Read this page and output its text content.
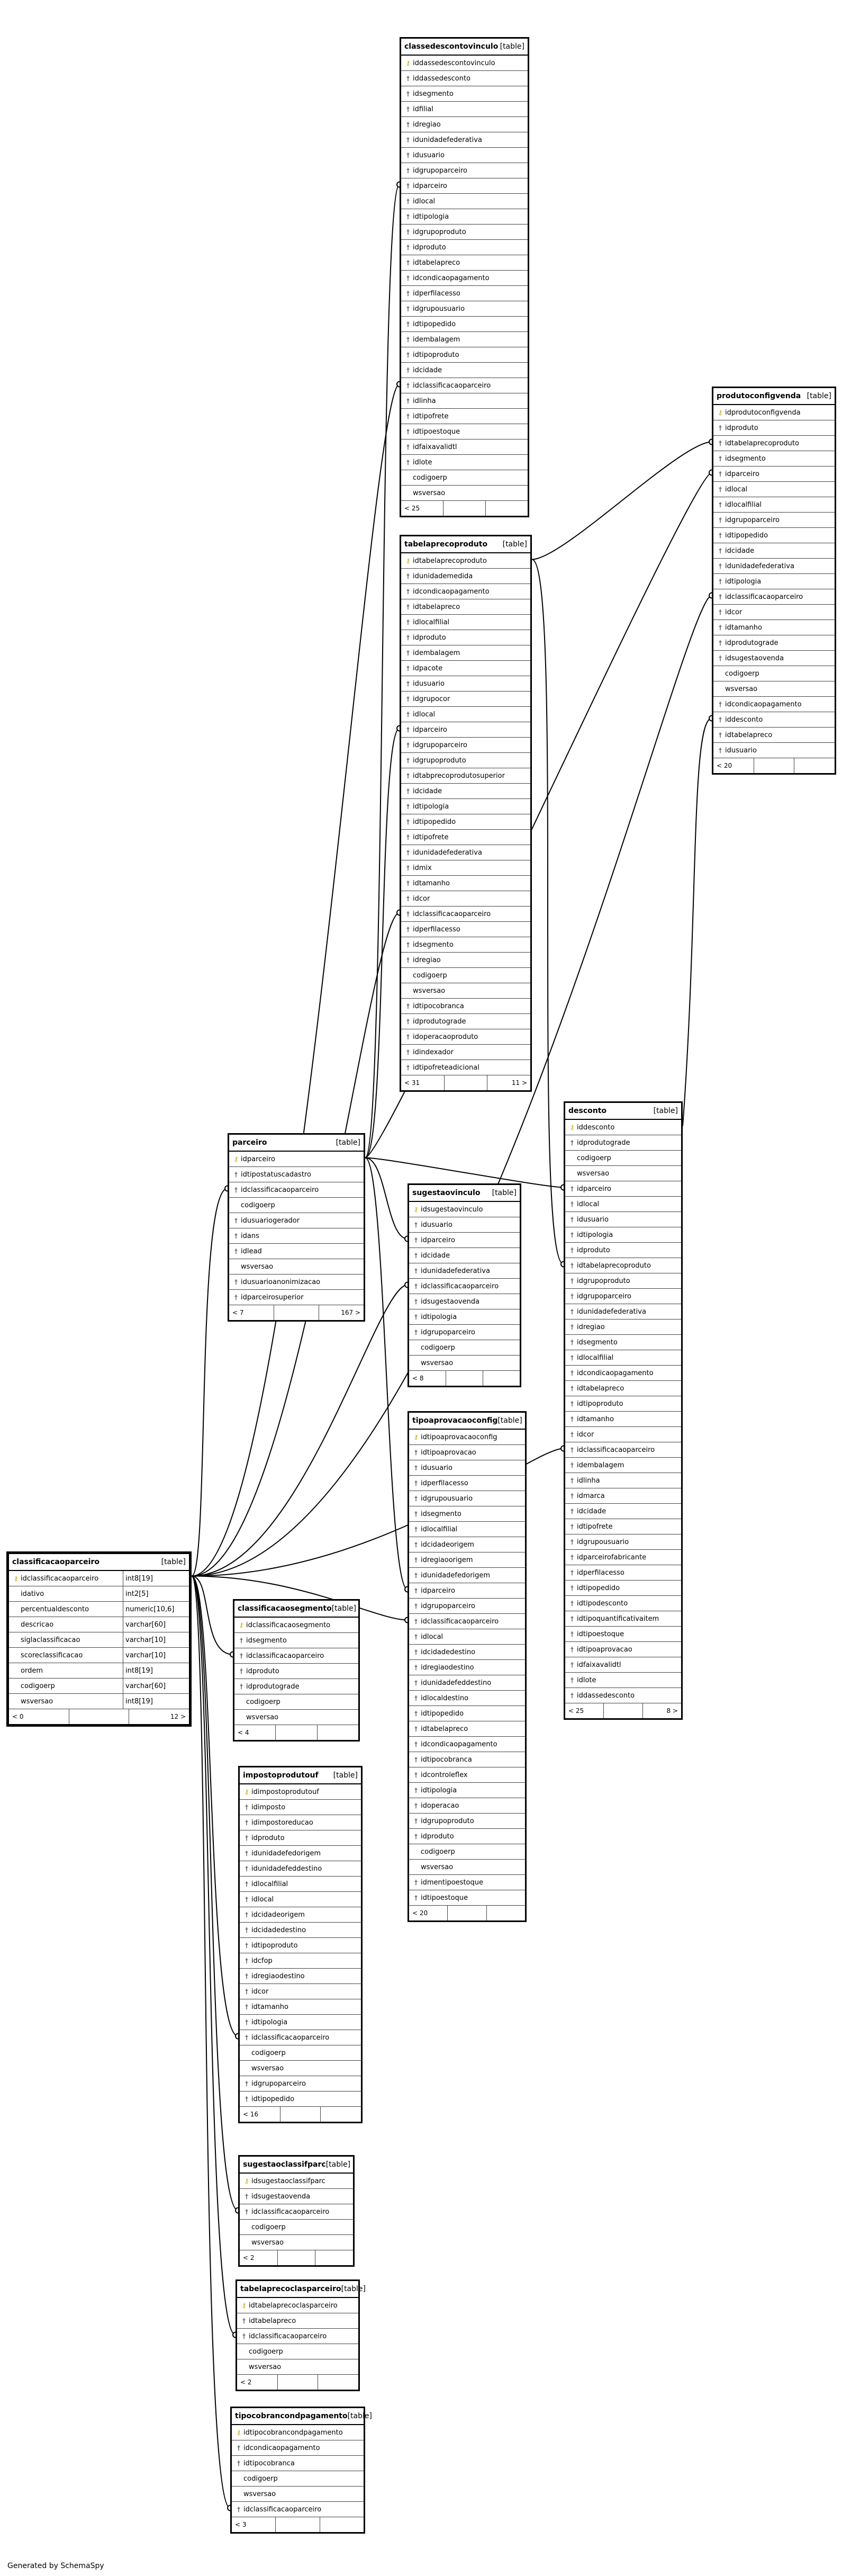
classedescontovinculo [table]
⚷ iddassedescontovinculo
† iddassedesconto
† idsegmento
† idfilial
† idregiao
† idunidadefederativa
† idusuario
† idgrupoparceiro
† idparceiro
† idlocal
† idtipologia
† idgrupoproduto
† idproduto
† idtabelapreco
† idcondicaopagamento
† idperfilacesso
† idgrupousuario
† idtipopedido
† idembalagem
† idtipoproduto
† idcidade
† idclassificacaoparceiro
† idlinha
† idtipofrete
† idtipoestoque
† idfaixavalidtl
† idlote
codigoerp
wsversao
< 25
tabelaprecoproduto [table]
⚷ idtabelaprecoproduto
† idunidademedida
† idcondicaopagamento
† idtabelapreco
† idlocalfilial
† idproduto
† idembalagem
† idpacote
† idusuario
† idgrupocor
† idlocal
† idparceiro
† idgrupoparceiro
† idgrupoproduto
† idtabprecoprodutosuperior
† idcidade
† idtipologia
† idtipopedido
† idtipofrete
† idunidadefederativa
† idmix
† idtamanho
† idcor
† idclassificacaoparceiro
† idperfilacesso
† idsegmento
† idregiao
codigoerp
wsversao
† idtipocobranca
† idprodutograde
† idoperacaoproduto
† idindexador
† idtipofreteadicional
< 31	11 >
produtoconfigvenda [table]
⚷ idprodutoconfigvenda
† idproduto
† idtabelaprecoproduto
† idsegmento
† idparceiro
† idlocal
† idlocalfilial
† idgrupoparceiro
† idtipopedido
† idcidade
† idunidadefederativa
† idtipologia
† idclassificacaoparceiro
† idcor
† idtamanho
† idprodutograde
† idsugestaovenda
codigoerp
wsversao
† idcondicaopagamento
† iddesconto
† idtabelapreco
† idusuario
< 20
parceiro	[table]
⚷ idparceiro
† idtipostatuscadastro
† idclassificacaoparceiro
codigoerp
† idusuariogerador
† idans
† idlead
wsversao
† idusuarioanonimizacao
† idparceirosuperior
< 7	167 >
sugestaovinculo [table]
⚷ idsugestaovinculo
† idusuario
† idparceiro
† idcidade
† idunidadefederativa
† idclassificacaoparceiro
† idsugestaovenda
† idtipologia
† idgrupoparceiro
codigoerp
wsversao
< 8
desconto	[table]
⚷ iddesconto
† idprodutograde
codigoerp
wsversao
† idparceiro
† idlocal
† idusuario
† idtipologia
† idproduto
† idtabelaprecoproduto
† idgrupoproduto
† idgrupoparceiro
† idunidadefederativa
† idregiao
† idsegmento
† idlocalfilial
† idcondicaopagamento
† idtabelapreco
† idtipoproduto
† idtamanho
† idcor
† idclassificacaoparceiro
† idembalagem
† idlinha
† idmarca
† idcidade
† idtipofrete
† idgrupousuario
† idparceirofabricante
† idperfilacesso
† idtipopedido
† idtipodesconto
† idtipoquantificativaitem
† idtipoestoque
† idtipoaprovacao
† idfaixavalidtl
† idlote
† iddassedesconto
< 25	8 >
tipoaprovacaoconfig [table]
⚷ idtipoaprovacaoconfig
† idtipoaprovacao
† idusuario
† idperfilacesso
† idgrupousuario
† idsegmento
† idlocalfilial
† idcidadeorigem
† idregiaoorigem
† idunidadefedorigem
† idparceiro
† idgrupoparceiro
† idclassificacaoparceiro
† idlocal
† idcidadedestino
† idregiaodestino
† idunidadefeddestino
† idlocaldestino
† idtipopedido
† idtabelapreco
† idcondicaopagamento
† idtipocobranca
† idcontroleflex
† idtipologia
† idoperacao
† idgrupoproduto
† idproduto
codigoerp
wsversao
† idmentipoestoque
† idtipoestoque
< 20
classificacaoparceiro	[table]
⚷ idclassificacaoparceiro	int8[19]
idativo	int2[5]
percentualdesconto	numeric[10,6]
descricao	varchar[60]
siglaclassificacao	varchar[10]
scoreclassificacao	varchar[10]
ordem	int8[19]
codigoerp	varchar[60]
wsversao	int8[19]
< 0	12 >
classificacaosegmento [table]
⚷ idclassificacaosegmento
† idsegmento
† idclassificacaoparceiro
† idproduto
† idprodutograde
codigoerp
wsversao
< 4
impostoprodutouf [table]
⚷ idimpostoprodutouf
† idimposto
† idimpostoreducao
† idproduto
† idunidadefedorigem
† idunidadefeddestino
† idlocalfilial
† idlocal
† idcidadeorigem
† idcidadedestino
† idtipoproduto
† idcfop
† idregiaodestino
† idcor
† idtamanho
† idtipologia
† idclassificacaoparceiro
codigoerp
wsversao
† idgrupoparceiro
† idtipopedido
< 16
sugestaoclassifparc [table]
⚷ idsugestaoclassifparc
† idsugestaovenda
† idclassificacaoparceiro
codigoerp
wsversao
< 2
tabelaprecoclasparceiro [table]
⚷ idtabelaprecoclasparceiro
† idtabelapreco
† idclassificacaoparceiro
codigoerp
wsversao
< 2
tipocobrancondpagamento [table]
⚷ idtipocobrancondpagamento
† idcondicaopagamento
† idtipocobranca
codigoerp
wsversao
† idclassificacaoparceiro
< 3
Generated by SchemaSpy
